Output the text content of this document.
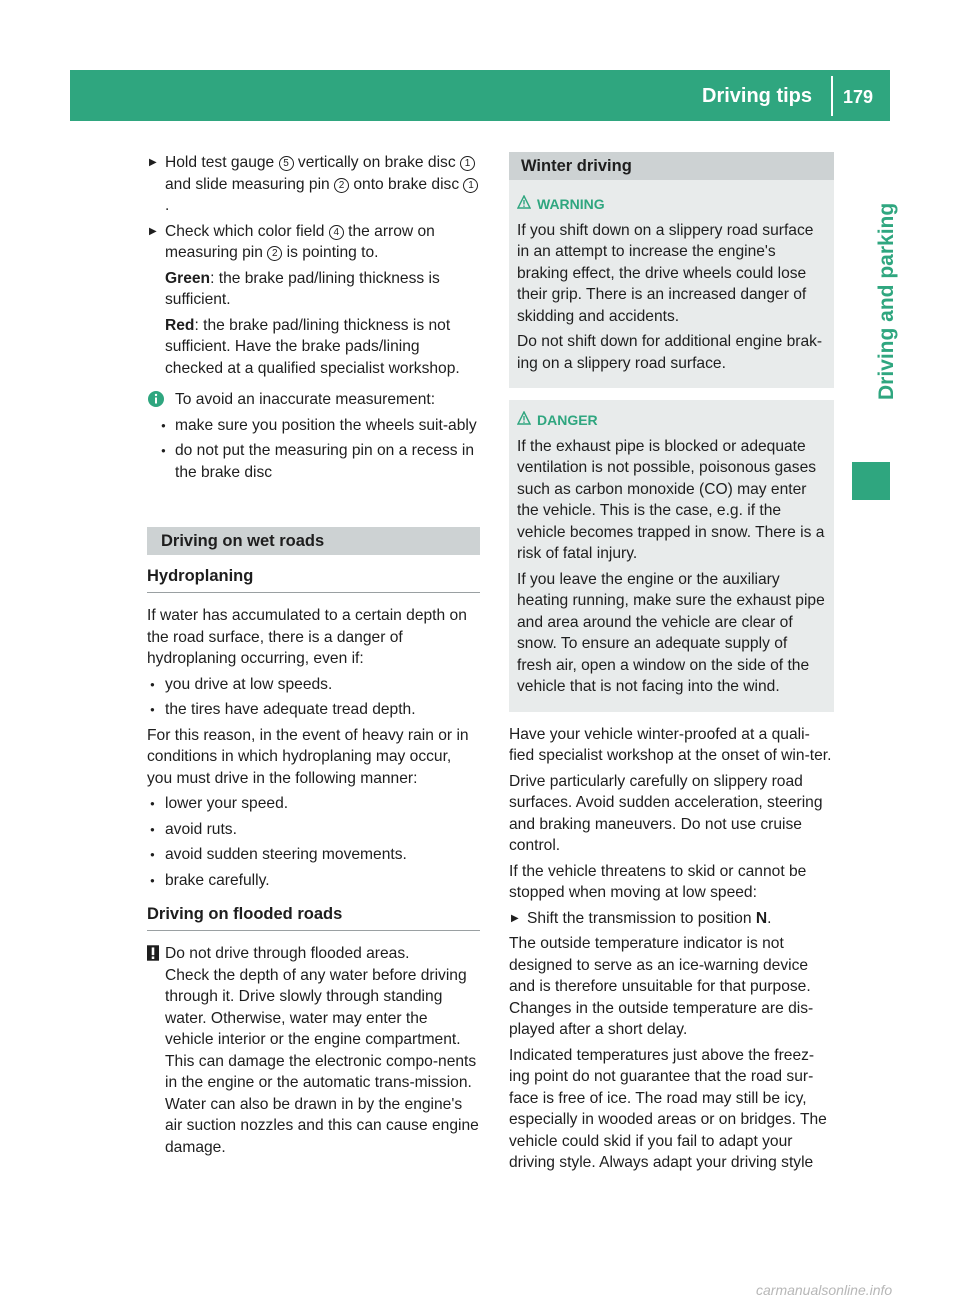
Driving tips 179
Driving and parking
▶ Hold test gauge 5 vertically on brake disc 1 and slide measuring pin 2 onto brake disc 1.
▶ Check which color field 4 the arrow on measuring pin 2 is pointing to.
Green: the brake pad/lining thickness is sufficient.
Red: the brake pad/lining thickness is not sufficient. Have the brake pads/lining checked at a qualified specialist workshop.
To avoid an inaccurate measurement:
● make sure you position the wheels suit-ably
● do not put the measuring pin on a recess in the brake disc
Driving on wet roads
Hydroplaning

If water has accumulated to a certain depth on the road surface, there is a danger of hydroplaning occurring, even if:

● you drive at low speeds.
● the tires have adequate tread depth.

For this reason, in the event of heavy rain or in conditions in which hydroplaning may occur, you must drive in the following manner:

● lower your speed.
● avoid ruts.
● avoid sudden steering movements.
● brake carefully.
Driving on flooded roads
Do not drive through flooded areas.
Check the depth of any water before driving through it. Drive slowly through standing water. Otherwise, water may enter the vehicle interior or the engine compartment. This can damage the electronic compo-nents in the engine or the automatic trans-mission. Water can also be drawn in by the engine's air suction nozzles and this can cause engine damage.
Winter driving
WARNING

If you shift down on a slippery road surface in an attempt to increase the engine's braking effect, the drive wheels could lose their grip. There is an increased danger of skidding and accidents.

Do not shift down for additional engine brak-ing on a slippery road surface.

DANGER

If the exhaust pipe is blocked or adequate ventilation is not possible, poisonous gases such as carbon monoxide (CO) may enter the vehicle. This is the case, e.g. if the vehicle becomes trapped in snow. There is a risk of fatal injury.

If you leave the engine or the auxiliary heating running, make sure the exhaust pipe and area around the vehicle are clear of snow. To ensure an adequate supply of fresh air, open a window on the side of the vehicle that is not facing into the wind.

Have your vehicle winter-proofed at a quali-fied specialist workshop at the onset of win-ter.

Drive particularly carefully on slippery road surfaces. Avoid sudden acceleration, steering and braking maneuvers. Do not use cruise control.

If the vehicle threatens to skid or cannot be stopped when moving at low speed:

▶ Shift the transmission to position N.

The outside temperature indicator is not designed to serve as an ice-warning device and is therefore unsuitable for that purpose. Changes in the outside temperature are dis-played after a short delay.

Indicated temperatures just above the freez-ing point do not guarantee that the road sur-face is free of ice. The road may still be icy, especially in wooded areas or on bridges. The vehicle could skid if you fail to adapt your driving style. Always adapt your driving style

carmanualsonline.info
